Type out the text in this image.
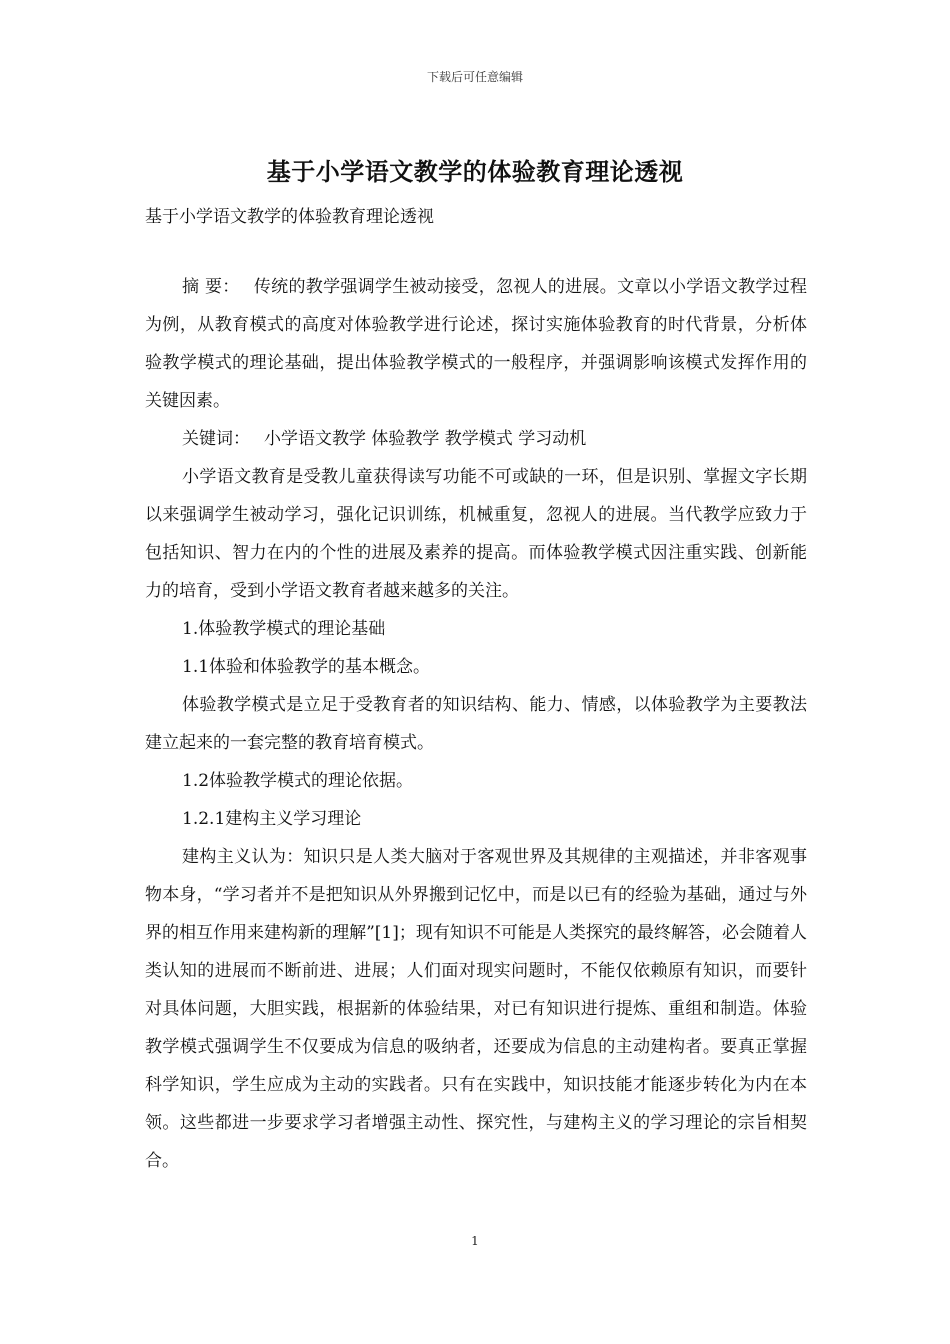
下载后可任意编辑
基于小学语文教学的体验教育理论透视
基于小学语文教学的体验教育理论透视

摘 要： 传统的教学强调学生被动接受，忽视人的进展。文章以小学语文教学过程为例，从教育模式的高度对体验教学进行论述，探讨实施体验教育的时代背景，分析体验教学模式的理论基础，提出体验教学模式的一般程序，并强调影响该模式发挥作用的关键因素。

关键词： 小学语文教学 体验教学 教学模式 学习动机

小学语文教育是受教儿童获得读写功能不可或缺的一环，但是识别、掌握文字长期以来强调学生被动学习，强化记识训练，机械重复，忽视人的进展。当代教学应致力于包括知识、智力在内的个性的进展及素养的提高。而体验教学模式因注重实践、创新能力的培育，受到小学语文教育者越来越多的关注。

1.体验教学模式的理论基础

1.1体验和体验教学的基本概念。

体验教学模式是立足于受教育者的知识结构、能力、情感，以体验教学为主要教法建立起来的一套完整的教育培育模式。

1.2体验教学模式的理论依据。

1.2.1建构主义学习理论

建构主义认为：知识只是人类大脑对于客观世界及其规律的主观描述，并非客观事物本身，“学习者并不是把知识从外界搬到记忆中，而是以已有的经验为基础，通过与外界的相互作用来建构新的理解”[1]；现有知识不可能是人类探究的最终解答，必会随着人类认知的进展而不断前进、进展；人们面对现实问题时，不能仅依赖原有知识，而要针对具体问题，大胆实践，根据新的体验结果，对已有知识进行提炼、重组和制造。体验教学模式强调学生不仅要成为信息的吸纳者，还要成为信息的主动建构者。要真正掌握科学知识，学生应成为主动的实践者。只有在实践中，知识技能才能逐步转化为内在本领。这些都进一步要求学习者增强主动性、探究性，与建构主义的学习理论的宗旨相契合。

1
